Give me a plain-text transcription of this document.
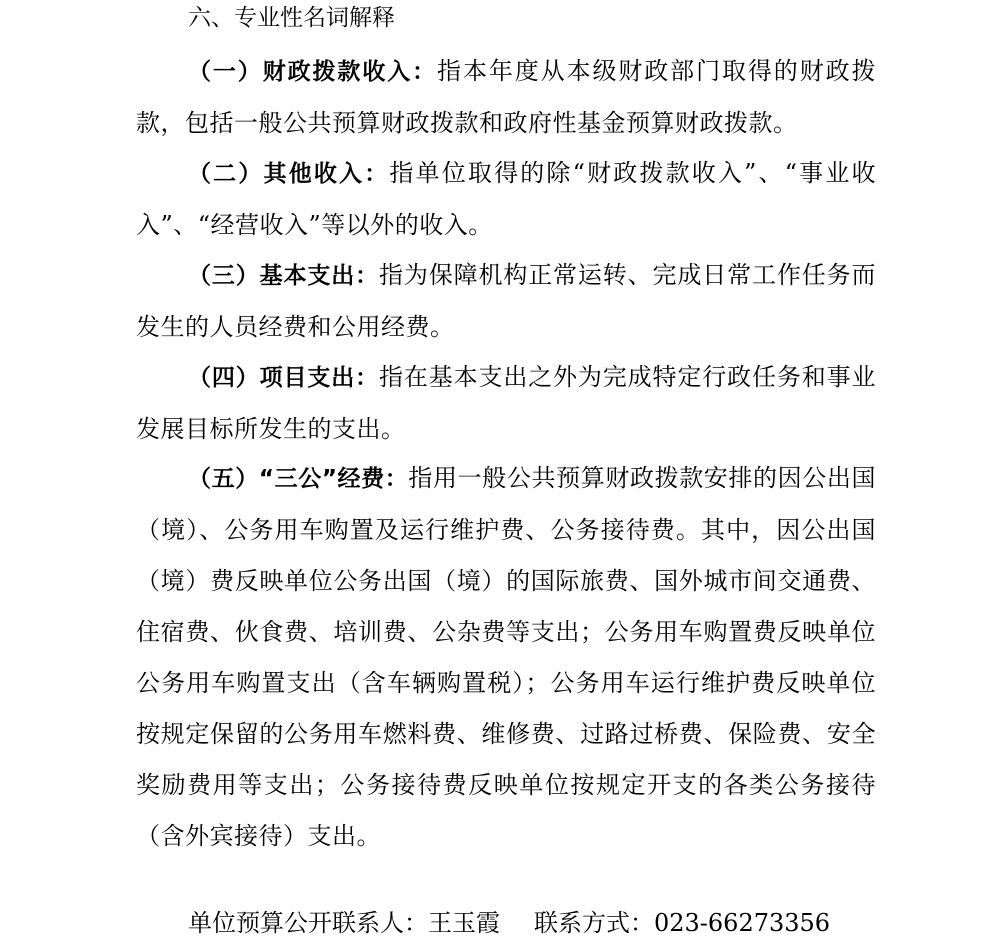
六、专业性名词解释

（一）财政拨款收入：指本年度从本级财政部门取得的财政拨款，包括一般公共预算财政拨款和政府性基金预算财政拨款。

（二）其他收入：指单位取得的除“财政拨款收入”、“事业收入”、“经营收入”等以外的收入。

（三）基本支出：指为保障机构正常运转、完成日常工作任务而发生的人员经费和公用经费。

（四）项目支出：指在基本支出之外为完成特定行政任务和事业发展目标所发生的支出。

（五）“三公”经费：指用一般公共预算财政拨款安排的因公出国（境）、公务用车购置及运行维护费、公务接待费。其中，因公出国（境）费反映单位公务出国（境）的国际旅费、国外城市间交通费、住宿费、伙食费、培训费、公杂费等支出；公务用车购置费反映单位公务用车购置支出（含车辆购置税）；公务用车运行维护费反映单位按规定保留的公务用车燃料费、维修费、过路过桥费、保险费、安全奖励费用等支出；公务接待费反映单位按规定开支的各类公务接待（含外宾接待）支出。

单位预算公开联系人：王玉霞 联系方式：023-66273356
